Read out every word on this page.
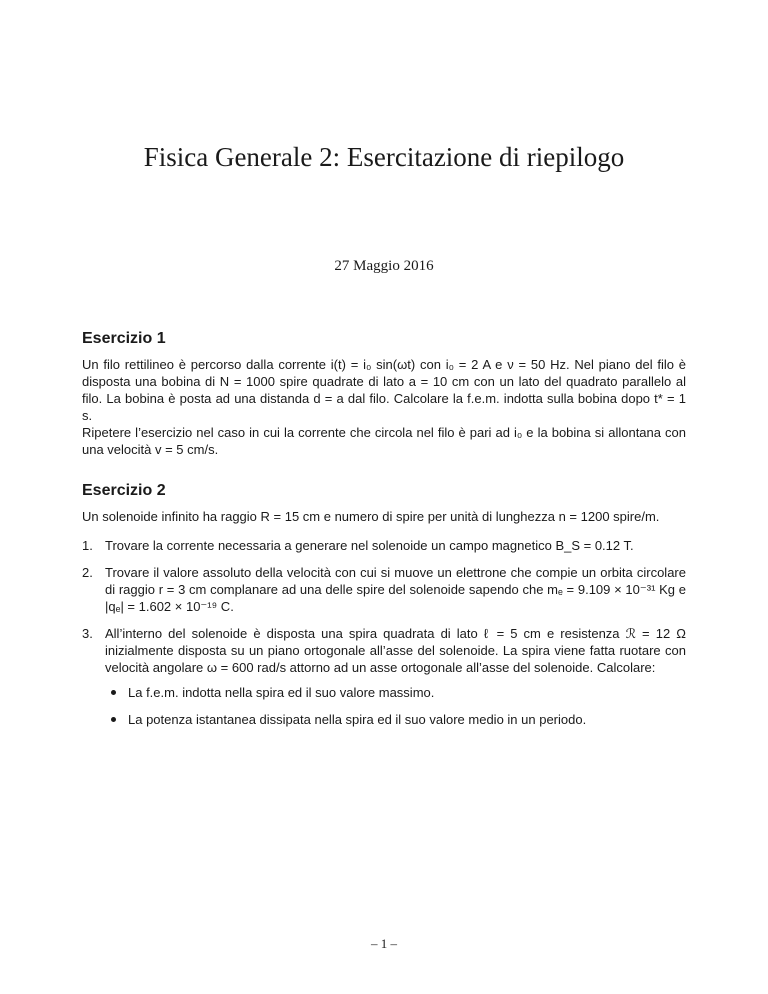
Fisica Generale 2: Esercitazione di riepilogo
27 Maggio 2016
Esercizio 1

Un filo rettilineo è percorso dalla corrente i(t) = i₀ sin(ωt) con i₀ = 2 A e ν = 50 Hz. Nel piano del filo è disposta una bobina di N = 1000 spire quadrate di lato a = 10 cm con un lato del quadrato parallelo al filo. La bobina è posta ad una distanda d = a dal filo. Calcolare la f.e.m. indotta sulla bobina dopo t* = 1 s.

Ripetere l’esercizio nel caso in cui la corrente che circola nel filo è pari ad i₀ e la bobina si allontana con una velocità v = 5 cm/s.

Esercizio 2

Un solenoide infinito ha raggio R = 15 cm e numero di spire per unità di lunghezza n = 1200 spire/m.

1. Trovare la corrente necessaria a generare nel solenoide un campo magnetico B_S = 0.12 T.
2. Trovare il valore assoluto della velocità con cui si muove un elettrone che compie un orbita circolare di raggio r = 3 cm complanare ad una delle spire del solenoide sapendo che mₑ = 9.109 × 10⁻³¹ Kg e |qₑ| = 1.602 × 10⁻¹⁹ C.
3. All’interno del solenoide è disposta una spira quadrata di lato ℓ = 5 cm e resistenza ℛ = 12 Ω inizialmente disposta su un piano ortogonale all’asse del solenoide. La spira viene fatta ruotare con velocità angolare ω = 600 rad/s attorno ad un asse ortogonale all’asse del solenoide. Calcolare:
La f.e.m. indotta nella spira ed il suo valore massimo.
La potenza istantanea dissipata nella spira ed il suo valore medio in un periodo.
– 1 –
